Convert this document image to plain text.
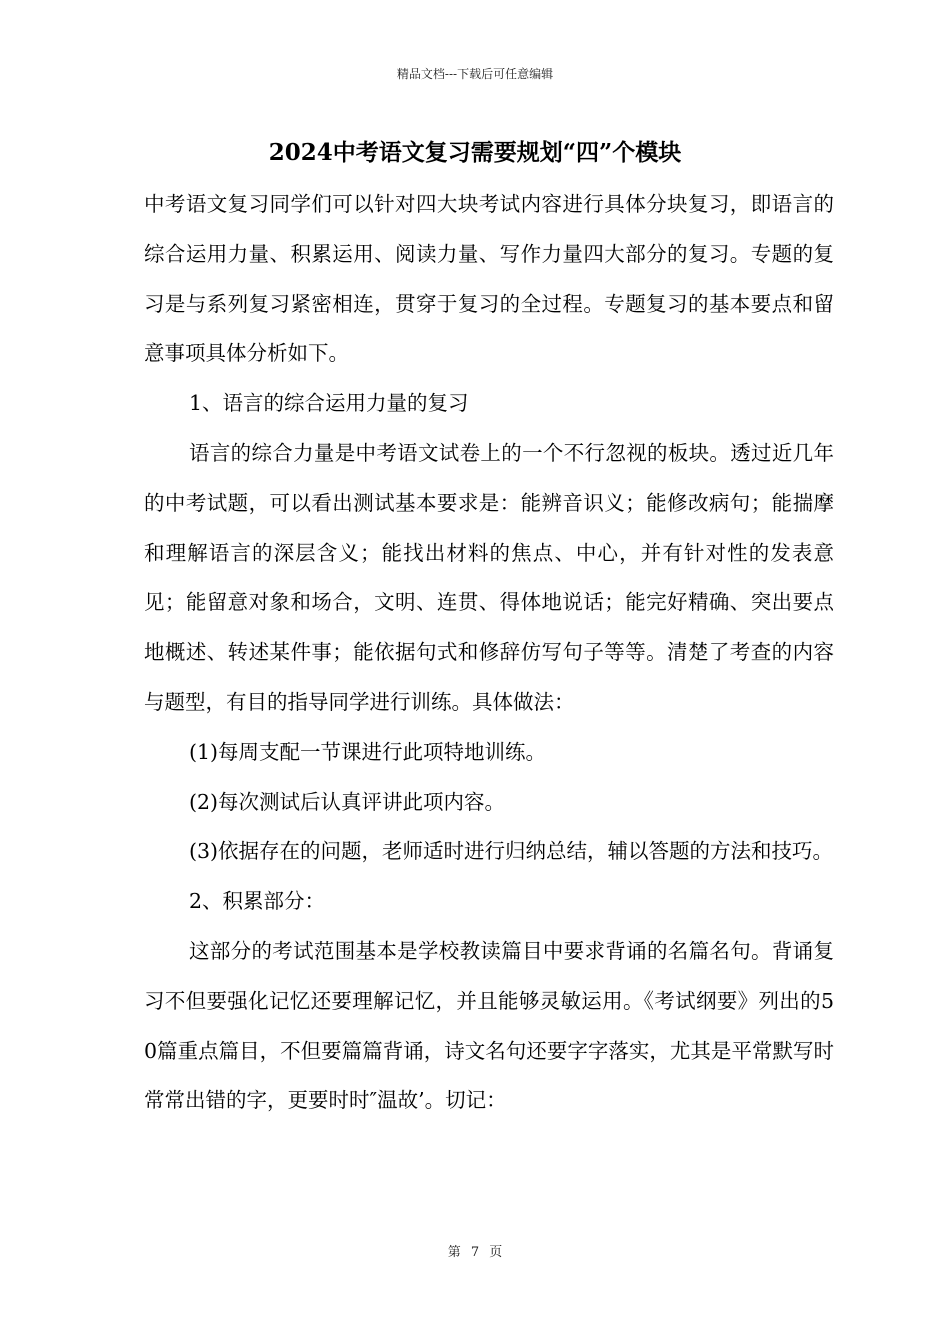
精品文档---下载后可任意编辑
2024中考语文复习需要规划“四”个模块

中考语文复习同学们可以针对四大块考试内容进行具体分块复习，即语言的综合运用力量、积累运用、阅读力量、写作力量四大部分的复习。专题的复习是与系列复习紧密相连，贯穿于复习的全过程。专题复习的基本要点和留意事项具体分析如下。

1、语言的综合运用力量的复习

语言的综合力量是中考语文试卷上的一个不行忽视的板块。透过近几年的中考试题，可以看出测试基本要求是：能辨音识义；能修改病句；能揣摩和理解语言的深层含义；能找出材料的焦点、中心，并有针对性的发表意见；能留意对象和场合，文明、连贯、得体地说话；能完好精确、突出要点地概述、转述某件事；能依据句式和修辞仿写句子等等。清楚了考查的内容与题型，有目的指导同学进行训练。具体做法：

(1)每周支配一节课进行此项特地训练。

(2)每次测试后认真评讲此项内容。

(3)依据存在的问题，老师适时进行归纳总结，辅以答题的方法和技巧。

2、积累部分：

这部分的考试范围基本是学校教读篇目中要求背诵的名篇名句。背诵复习不但要强化记忆还要理解记忆，并且能够灵敏运用。《考试纲要》列出的50篇重点篇目，不但要篇篇背诵，诗文名句还要字字落实，尤其是平常默写时常常出错的字，更要时时″温故’。切记：

第 7 页
